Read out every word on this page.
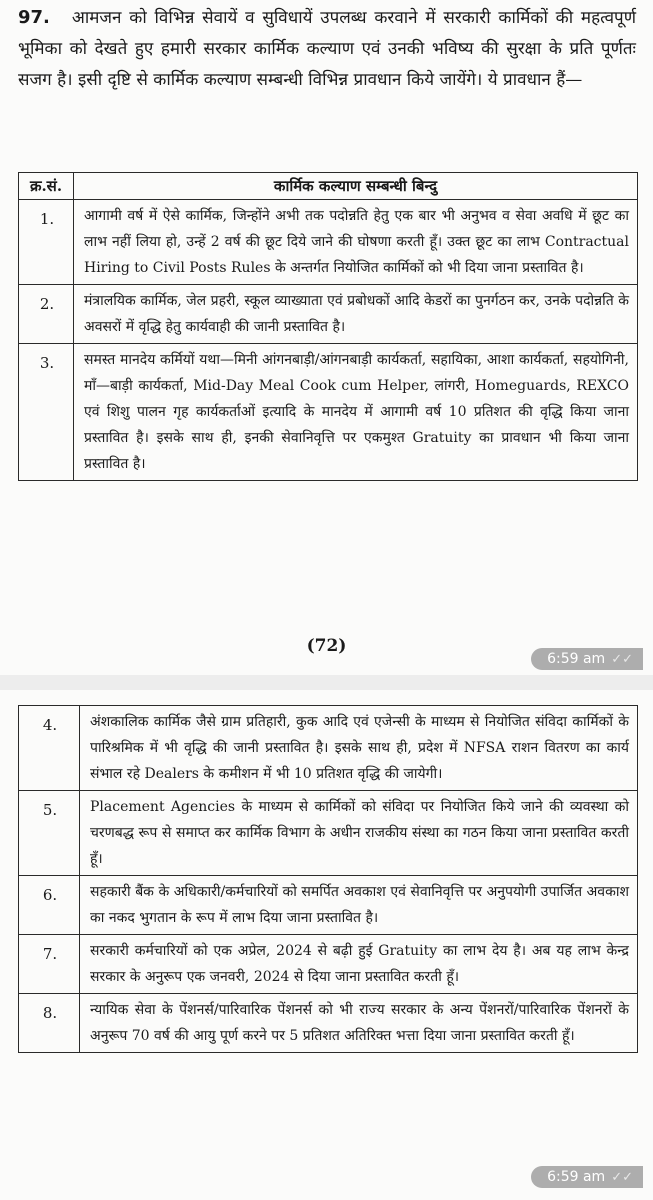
97. आमजन को विभिन्न सेवायें व सुविधायें उपलब्ध करवाने में सरकारी कार्मिकों की महत्वपूर्ण भूमिका को देखते हुए हमारी सरकार कार्मिक कल्याण एवं उनकी भविष्य की सुरक्षा के प्रति पूर्णतः सजग है। इसी दृष्टि से कार्मिक कल्याण सम्बन्धी विभिन्न प्रावधान किये जायेंगे। ये प्रावधान हैं—
क्र.सं.	कार्मिक कल्याण सम्बन्धी बिन्दु
1.	आगामी वर्ष में ऐसे कार्मिक, जिन्होंने अभी तक पदोन्नति हेतु एक बार भी अनुभव व सेवा अवधि में छूट का लाभ नहीं लिया हो, उन्हें 2 वर्ष की छूट दिये जाने की घोषणा करती हूँ। उक्त छूट का लाभ Contractual Hiring to Civil Posts Rules के अन्तर्गत नियोजित कार्मिकों को भी दिया जाना प्रस्तावित है।
2.	मंत्रालयिक कार्मिक, जेल प्रहरी, स्कूल व्याख्याता एवं प्रबोधकों आदि केडरों का पुनर्गठन कर, उनके पदोन्नति के अवसरों में वृद्धि हेतु कार्यवाही की जानी प्रस्तावित है।
3.	समस्त मानदेय कर्मियों यथा—मिनी आंगनबाड़ी/आंगनबाड़ी कार्यकर्ता, सहायिका, आशा कार्यकर्ता, सहयोगिनी, माँ—बाड़ी कार्यकर्ता, Mid-Day Meal Cook cum Helper, लांगरी, Homeguards, REXCO एवं शिशु पालन गृह कार्यकर्ताओं इत्यादि के मानदेय में आगामी वर्ष 10 प्रतिशत की वृद्धि किया जाना प्रस्तावित है। इसके साथ ही, इनकी सेवानिवृत्ति पर एकमुश्त Gratuity का प्रावधान भी किया जाना प्रस्तावित है।
(72)
6:59 am ✓✓
4.	अंशकालिक कार्मिक जैसे ग्राम प्रतिहारी, कुक आदि एवं एजेन्सी के माध्यम से नियोजित संविदा कार्मिकों के पारिश्रमिक में भी वृद्धि की जानी प्रस्तावित है। इसके साथ ही, प्रदेश में NFSA राशन वितरण का कार्य संभाल रहे Dealers के कमीशन में भी 10 प्रतिशत वृद्धि की जायेगी।
5.	Placement Agencies के माध्यम से कार्मिकों को संविदा पर नियोजित किये जाने की व्यवस्था को चरणबद्ध रूप से समाप्त कर कार्मिक विभाग के अधीन राजकीय संस्था का गठन किया जाना प्रस्तावित करती हूँ।
6.	सहकारी बैंक के अधिकारी/कर्मचारियों को समर्पित अवकाश एवं सेवानिवृत्ति पर अनुपयोगी उपार्जित अवकाश का नकद भुगतान के रूप में लाभ दिया जाना प्रस्तावित है।
7.	सरकारी कर्मचारियों को एक अप्रेल, 2024 से बढ़ी हुई Gratuity का लाभ देय है। अब यह लाभ केन्द्र सरकार के अनुरूप एक जनवरी, 2024 से दिया जाना प्रस्तावित करती हूँ।
8.	न्यायिक सेवा के पेंशनर्स/पारिवारिक पेंशनर्स को भी राज्य सरकार के अन्य पेंशनरों/पारिवारिक पेंशनरों के अनुरूप 70 वर्ष की आयु पूर्ण करने पर 5 प्रतिशत अतिरिक्त भत्ता दिया जाना प्रस्तावित करती हूँ।
6:59 am ✓✓
